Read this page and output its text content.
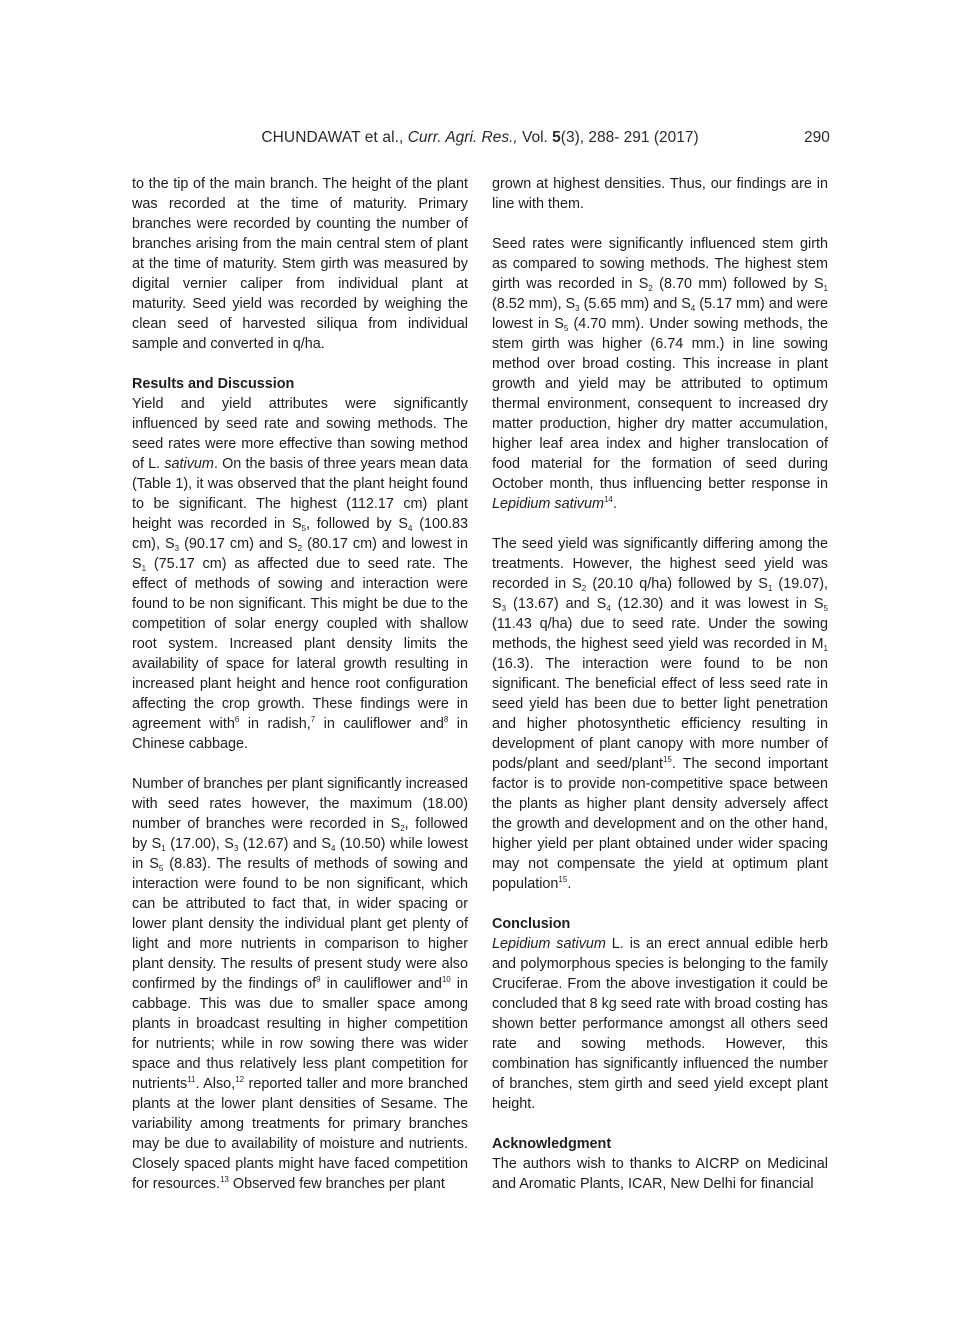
CHUNDAWAT et al., Curr. Agri. Res., Vol. 5(3), 288- 291 (2017)	290

to the tip of the main branch. The height of the plant was recorded at the time of maturity. Primary branches were recorded by counting the number of branches arising from the main central stem of plant at the time of maturity. Stem girth was measured by digital vernier caliper from individual plant at maturity. Seed yield was recorded by weighing the clean seed of harvested siliqua from individual sample and converted in q/ha.

Results and Discussion

Yield and yield attributes were significantly influenced by seed rate and sowing methods. The seed rates were more effective than sowing method of L. sativum. On the basis of three years mean data (Table 1), it was observed that the plant height found to be significant. The highest (112.17 cm) plant height was recorded in $S_5$, followed by $S_4$ (100.83 cm), $S_3$ (90.17 cm) and $S_2$ (80.17 cm) and lowest in $S_1$ (75.17 cm) as affected due to seed rate. The effect of methods of sowing and interaction were found to be non significant. This might be due to the competition of solar energy coupled with shallow root system. Increased plant density limits the availability of space for lateral growth resulting in increased plant height and hence root configuration affecting the crop growth. These findings were in agreement with$^6$ in radish,$^7$ in cauliflower and$^8$ in Chinese cabbage.

Number of branches per plant significantly increased with seed rates however, the maximum (18.00) number of branches were recorded in $S_2$, followed by $S_1$ (17.00), $S_3$ (12.67) and $S_4$ (10.50) while lowest in $S_5$ (8.83). The results of methods of sowing and interaction were found to be non significant, which can be attributed to fact that, in wider spacing or lower plant density the individual plant get plenty of light and more nutrients in comparison to higher plant density. The results of present study were also confirmed by the findings $of^9$ in cauliflower and$^{10}$ in cabbage. This was due to smaller space among plants in broadcast resulting in higher competition for nutrients; while in row sowing there was wider space and thus relatively less plant competition for nutrients$^{11}$. Also,$^{12}$ reported taller and more branched plants at the lower plant densities of Sesame. The variability among treatments for primary branches may be due to availability of moisture and nutrients. Closely spaced plants might have faced competition for resources.$^{13}$ Observed few branches per plant

grown at highest densities. Thus, our findings are in line with them.

Seed rates were significantly influenced stem girth as compared to sowing methods. The highest stem girth was recorded in $S_2$ (8.70 mm) followed by $S_1$ (8.52 mm), $S_3$ (5.65 mm) and $S_4$ (5.17 mm) and were lowest in $S_5$ (4.70 mm). Under sowing methods, the stem girth was higher (6.74 mm.) in line sowing method over broad costing. This increase in plant growth and yield may be attributed to optimum thermal environment, consequent to increased dry matter production, higher dry matter accumulation, higher leaf area index and higher translocation of food material for the formation of seed during October month, thus influencing better response in Lepidium sativum$^{14}$.

The seed yield was significantly differing among the treatments. However, the highest seed yield was recorded in $S_2$ (20.10 q/ha) followed by $S_1$ (19.07), $S_3$ (13.67) and $S_4$ (12.30) and it was lowest in $S_5$ (11.43 q/ha) due to seed rate. Under the sowing methods, the highest seed yield was recorded in $M_1$ (16.3). The interaction were found to be non significant. The beneficial effect of less seed rate in seed yield has been due to better light penetration and higher photosynthetic efficiency resulting in development of plant canopy with more number of pods/plant and seed/plant$^{15}$. The second important factor is to provide non-competitive space between the plants as higher plant density adversely affect the growth and development and on the other hand, higher yield per plant obtained under wider spacing may not compensate the yield at optimum plant population$^{15}$.

Conclusion

Lepidium sativum L. is an erect annual edible herb and polymorphous species is belonging to the family Cruciferae. From the above investigation it could be concluded that 8 kg seed rate with broad costing has shown better performance amongst all others seed rate and sowing methods. However, this combination has significantly influenced the number of branches, stem girth and seed yield except plant height.

Acknowledgment

The authors wish to thanks to AICRP on Medicinal and Aromatic Plants, ICAR, New Delhi for financial
